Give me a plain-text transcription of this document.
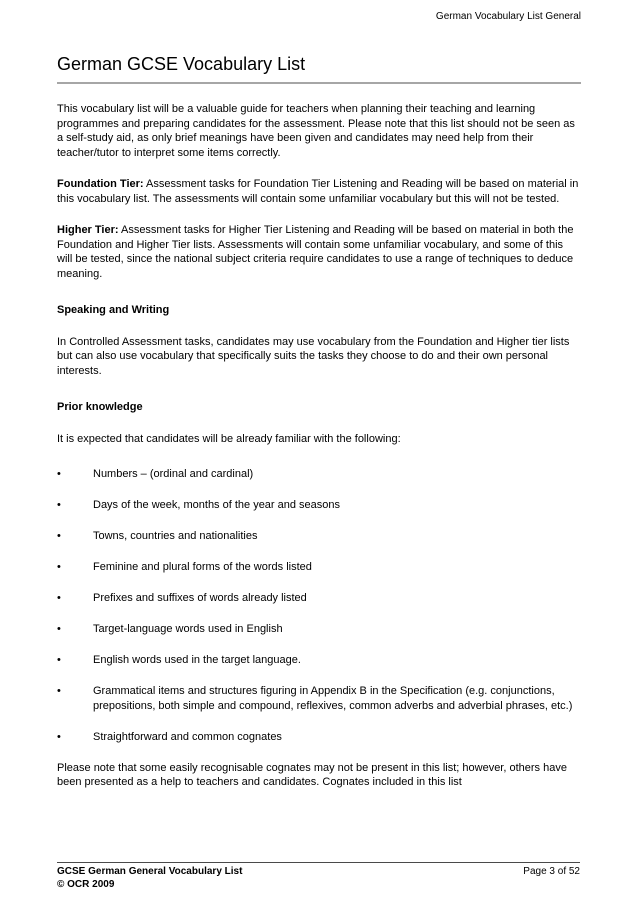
German Vocabulary List General
German GCSE Vocabulary List

This vocabulary list will be a valuable guide for teachers when planning their teaching and learning programmes and preparing candidates for the assessment. Please note that this list should not be seen as a self-study aid, as only brief meanings have been given and candidates may need help from their teacher/tutor to interpret some items correctly.

Foundation Tier: Assessment tasks for Foundation Tier Listening and Reading will be based on material in this vocabulary list. The assessments will contain some unfamiliar vocabulary but this will not be tested.

Higher Tier: Assessment tasks for Higher Tier Listening and Reading will be based on material in both the Foundation and Higher Tier lists. Assessments will contain some unfamiliar vocabulary, and some of this will be tested, since the national subject criteria require candidates to use a range of techniques to deduce meaning.

Speaking and Writing

In Controlled Assessment tasks, candidates may use vocabulary from the Foundation and Higher tier lists but can also use vocabulary that specifically suits the tasks they choose to do and their own personal interests.

Prior knowledge

It is expected that candidates will be already familiar with the following:

•	Numbers – (ordinal and cardinal)
•	Days of the week, months of the year and seasons
•	Towns, countries and nationalities
•	Feminine and plural forms of the words listed
•	Prefixes and suffixes of words already listed
•	Target-language words used in English
•	English words used in the target language.
•	Grammatical items and structures figuring in Appendix B in the Specification (e.g. conjunctions, prepositions, both simple and compound, reflexives, common adverbs and adverbial phrases, etc.)
•	Straightforward and common cognates

Please note that some easily recognisable cognates may not be present in this list; however, others have been presented as a help to teachers and candidates. Cognates included in this list

GCSE German General Vocabulary List
© OCR 2009
Page 3 of 52
